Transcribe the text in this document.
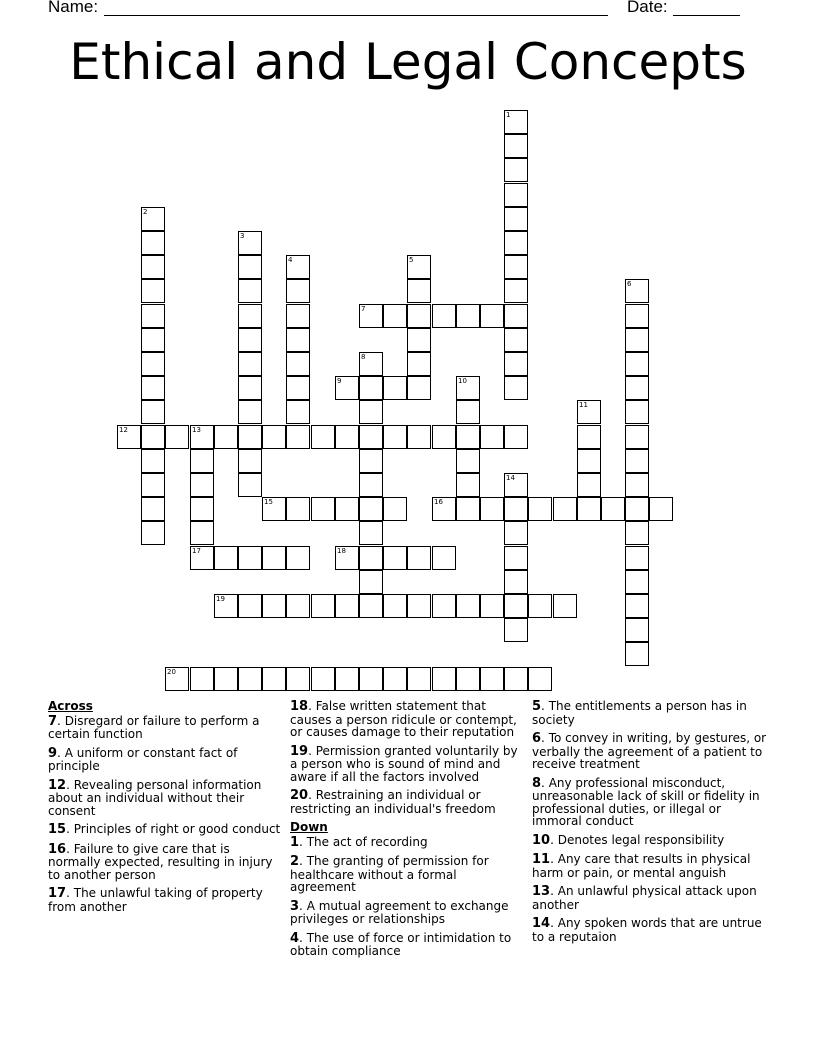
Name:	Date:
Ethical and Legal Concepts
1
2
3
4	5
6
7
8
9	10
11
12	13
17
14
15	16
18
19
20
Across
7. Disregard or failure to perform a certain function
9. A uniform or constant fact of principle
12. Revealing personal information about an individual without their consent
15. Principles of right or good conduct
16. Failure to give care that is normally expected, resulting in injury to another person
17. The unlawful taking of property from another
18. False written statement that causes a person ridicule or contempt, or causes damage to their reputation
19. Permission granted voluntarily by a person who is sound of mind and aware if all the factors involved
20. Restraining an individual or restricting an individual's freedom
Down
1. The act of recording
2. The granting of permission for healthcare without a formal agreement
3. A mutual agreement to exchange privileges or relationships
4. The use of force or intimidation to obtain compliance
5. The entitlements a person has in society
6. To convey in writing, by gestures, or verbally the agreement of a patient to receive treatment
8. Any professional misconduct, unreasonable lack of skill or fidelity in professional duties, or illegal or immoral conduct
10. Denotes legal responsibility
11. Any care that results in physical harm or pain, or mental anguish
13. An unlawful physical attack upon another
14. Any spoken words that are untrue to a reputaion
